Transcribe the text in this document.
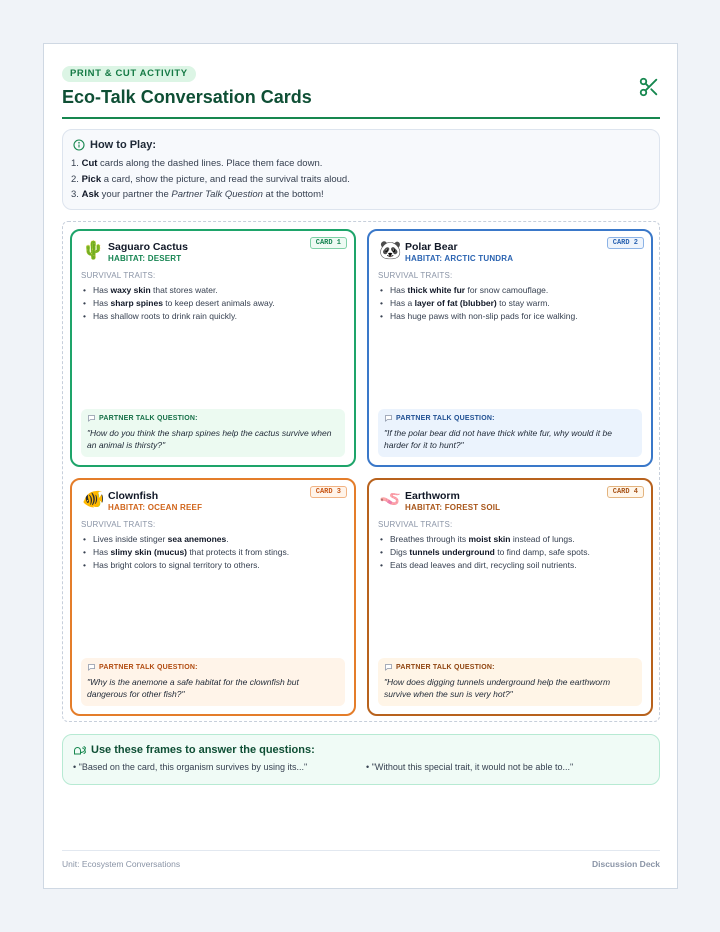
PRINT & CUT ACTIVITY
Eco-Talk Conversation Cards
How to Play:
1. Cut cards along the dashed lines. Place them face down.
2. Pick a card, show the picture, and read the survival traits aloud.
3. Ask your partner the Partner Talk Question at the bottom!
🌵 Saguaro Cactus
HABITAT: DESERT
CARD 1
SURVIVAL TRAITS:
• Has waxy skin that stores water.
• Has sharp spines to keep desert animals away.
• Has shallow roots to drink rain quickly.
PARTNER TALK QUESTION:
"How do you think the sharp spines help the cactus survive when an animal is thirsty?"
🐼 Polar Bear
HABITAT: ARCTIC TUNDRA
CARD 2
SURVIVAL TRAITS:
• Has thick white fur for snow camouflage.
• Has a layer of fat (blubber) to stay warm.
• Has huge paws with non-slip pads for ice walking.
PARTNER TALK QUESTION:
"If the polar bear did not have thick white fur, why would it be harder for it to hunt?"
🐠 Clownfish
HABITAT: OCEAN REEF
CARD 3
SURVIVAL TRAITS:
• Lives inside stinger sea anemones.
• Has slimy skin (mucus) that protects it from stings.
• Has bright colors to signal territory to others.
PARTNER TALK QUESTION:
"Why is the anemone a safe habitat for the clownfish but dangerous for other fish?"
🪱 Earthworm
HABITAT: FOREST SOIL
CARD 4
SURVIVAL TRAITS:
• Breathes through its moist skin instead of lungs.
• Digs tunnels underground to find damp, safe spots.
• Eats dead leaves and dirt, recycling soil nutrients.
PARTNER TALK QUESTION:
"How does digging tunnels underground help the earthworm survive when the sun is very hot?"
Use these frames to answer the questions:
• "Based on the card, this organism survives by using its..."	• "Without this special trait, it would not be able to..."
Unit: Ecosystem Conversations	Discussion Deck
